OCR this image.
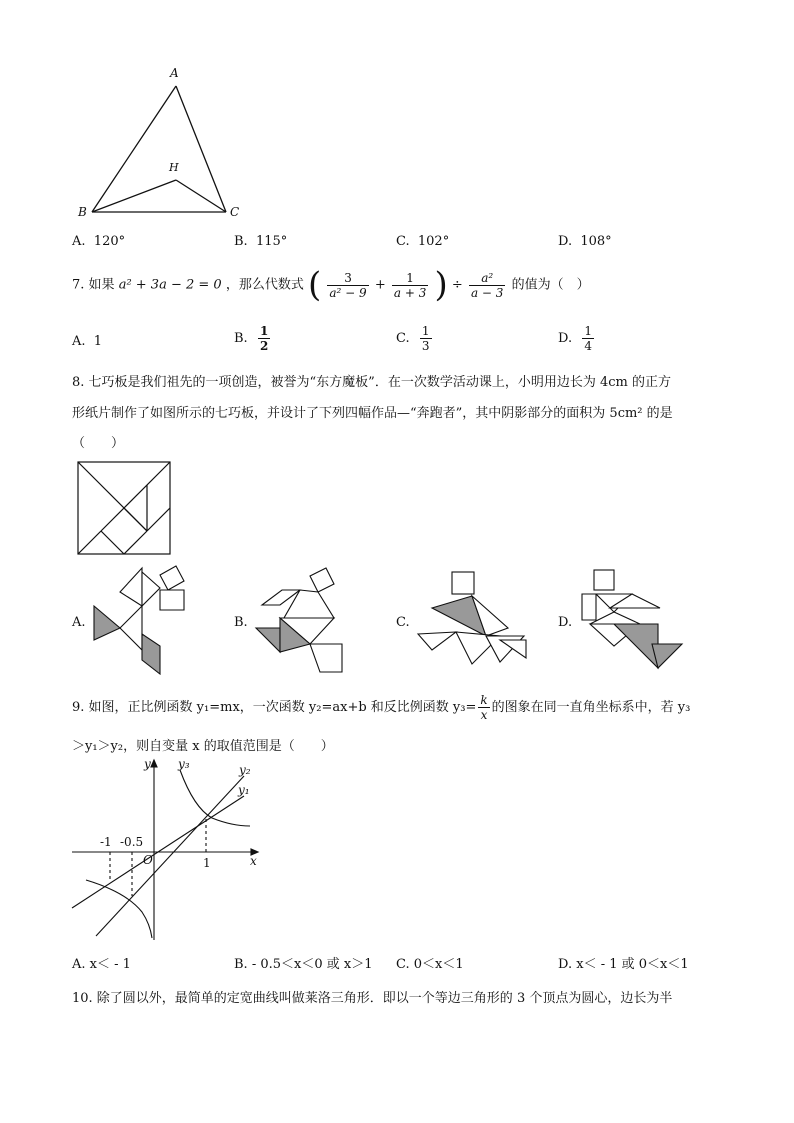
A
H
B	C
A. 120°	B. 115°	C. 102°	D. 108°
7. 如果 a² + 3a − 2 = 0 ，那么代数式 ( $\frac{3}{\text{a² − 9}} + \frac{1}{a + 3}$ ) ÷ $\frac{\text{a²}}{a - 3}$ 的值为（　）
A. 1	B. $\frac{1}{2}$	C. $\frac{1}{3}$	D. $\frac{1}{4}$
8. 七巧板是我们祖先的一项创造，被誉为“东方魔板”．在一次数学活动课上，小明用边长为 4cm 的正方
形纸片制作了如图所示的七巧板，并设计了下列四幅作品—“奔跑者”，其中阴影部分的面积为 5cm² 的是
（　　）
A.	B.	C.	D.
9. 如图，正比例函数 y₁=mx，一次函数 y₂=ax+b 和反比例函数 $y_3= \frac{k}{x}$ 的图象在同一直角坐标系中，若 y₃
＞y₁＞y₂，则自变量 x 的取值范围是（　　）
y y₃	y₂
y₁
-1 -0.5
O	1	x
A. x＜ - 1	B. - 0.5＜x＜0 或 x＞1 C. 0＜x＜1	D. x＜ - 1 或 0＜x＜1
10. 除了圆以外，最简单的定宽曲线叫做莱洛三角形．即以一个等边三角形的 3 个顶点为圆心，边长为半
